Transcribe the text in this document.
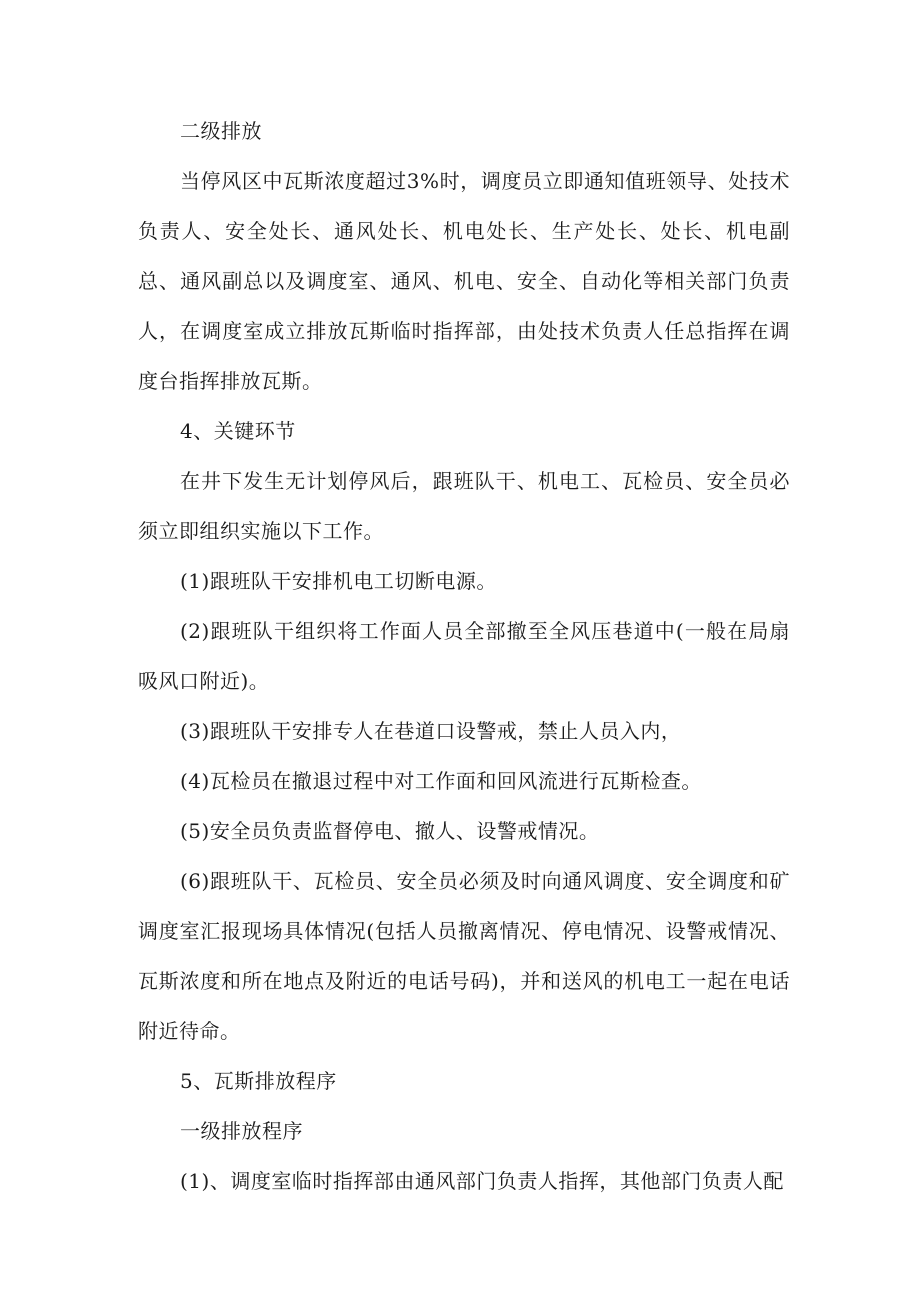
二级排放

当停风区中瓦斯浓度超过3%时，调度员立即通知值班领导、处技术负责人、安全处长、通风处长、机电处长、生产处长、处长、机电副总、通风副总以及调度室、通风、机电、安全、自动化等相关部门负责人，在调度室成立排放瓦斯临时指挥部，由处技术负责人任总指挥在调度台指挥排放瓦斯。

4、关键环节

在井下发生无计划停风后，跟班队干、机电工、瓦检员、安全员必须立即组织实施以下工作。

(1)跟班队干安排机电工切断电源。

(2)跟班队干组织将工作面人员全部撤至全风压巷道中(一般在局扇吸风口附近)。

(3)跟班队干安排专人在巷道口设警戒，禁止人员入内，

(4)瓦检员在撤退过程中对工作面和回风流进行瓦斯检查。

(5)安全员负责监督停电、撤人、设警戒情况。

(6)跟班队干、瓦检员、安全员必须及时向通风调度、安全调度和矿调度室汇报现场具体情况(包括人员撤离情况、停电情况、设警戒情况、瓦斯浓度和所在地点及附近的电话号码)，并和送风的机电工一起在电话附近待命。

5、瓦斯排放程序

一级排放程序

(1)、调度室临时指挥部由通风部门负责人指挥，其他部门负责人配
